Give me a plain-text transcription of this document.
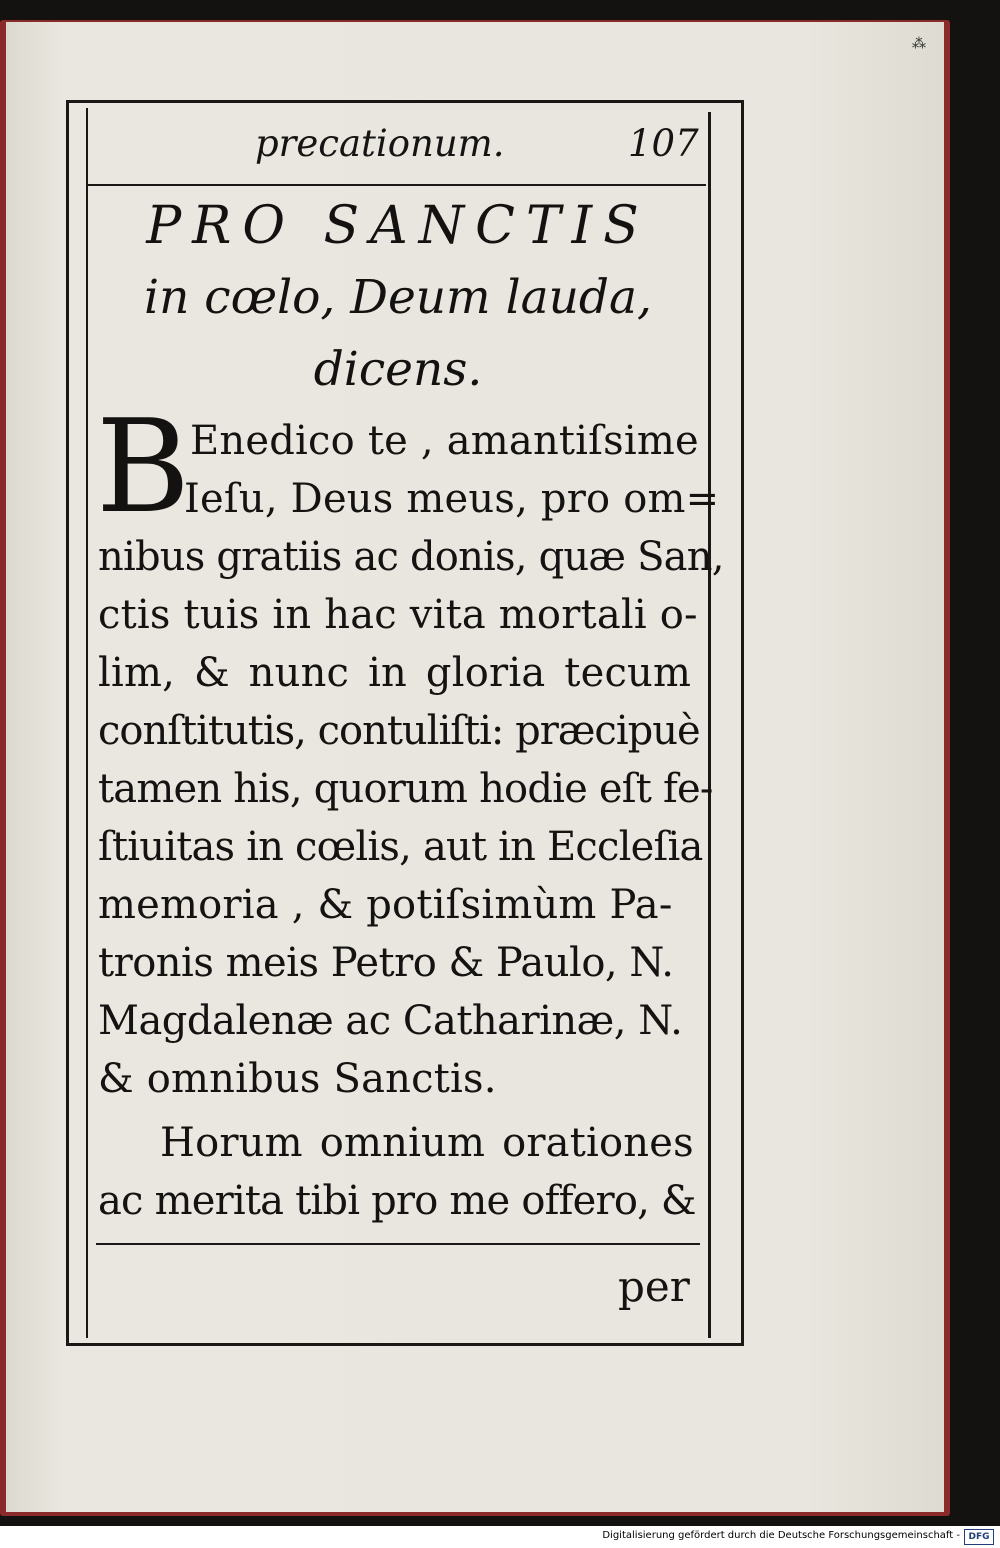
⁂
precationum.	107
PRO SANCTIS
in cœlo, Deum lauda,
dicens.
B Enedico te , amantiſsime
Ieſu, Deus meus, pro om=
nibus gratiis ac donis, quæ San,
ctis tuis in hac vita mortali o-
lim, & nunc in gloria tecum
conſtitutis, contuliſti: præcipuè
tamen his, quorum hodie eſt fe-
ſtiuitas in cœlis, aut in Eccleſia
memoria , & potiſsimùm Pa-
tronis meis Petro & Paulo, N.
Magdalenæ ac Catharinæ, N.
& omnibus Sanctis.
Horum omnium orationes
ac merita tibi pro me offero, &
per
Digitalisierung gefördert durch die Deutsche Forschungsgemeinschaft - DFG
